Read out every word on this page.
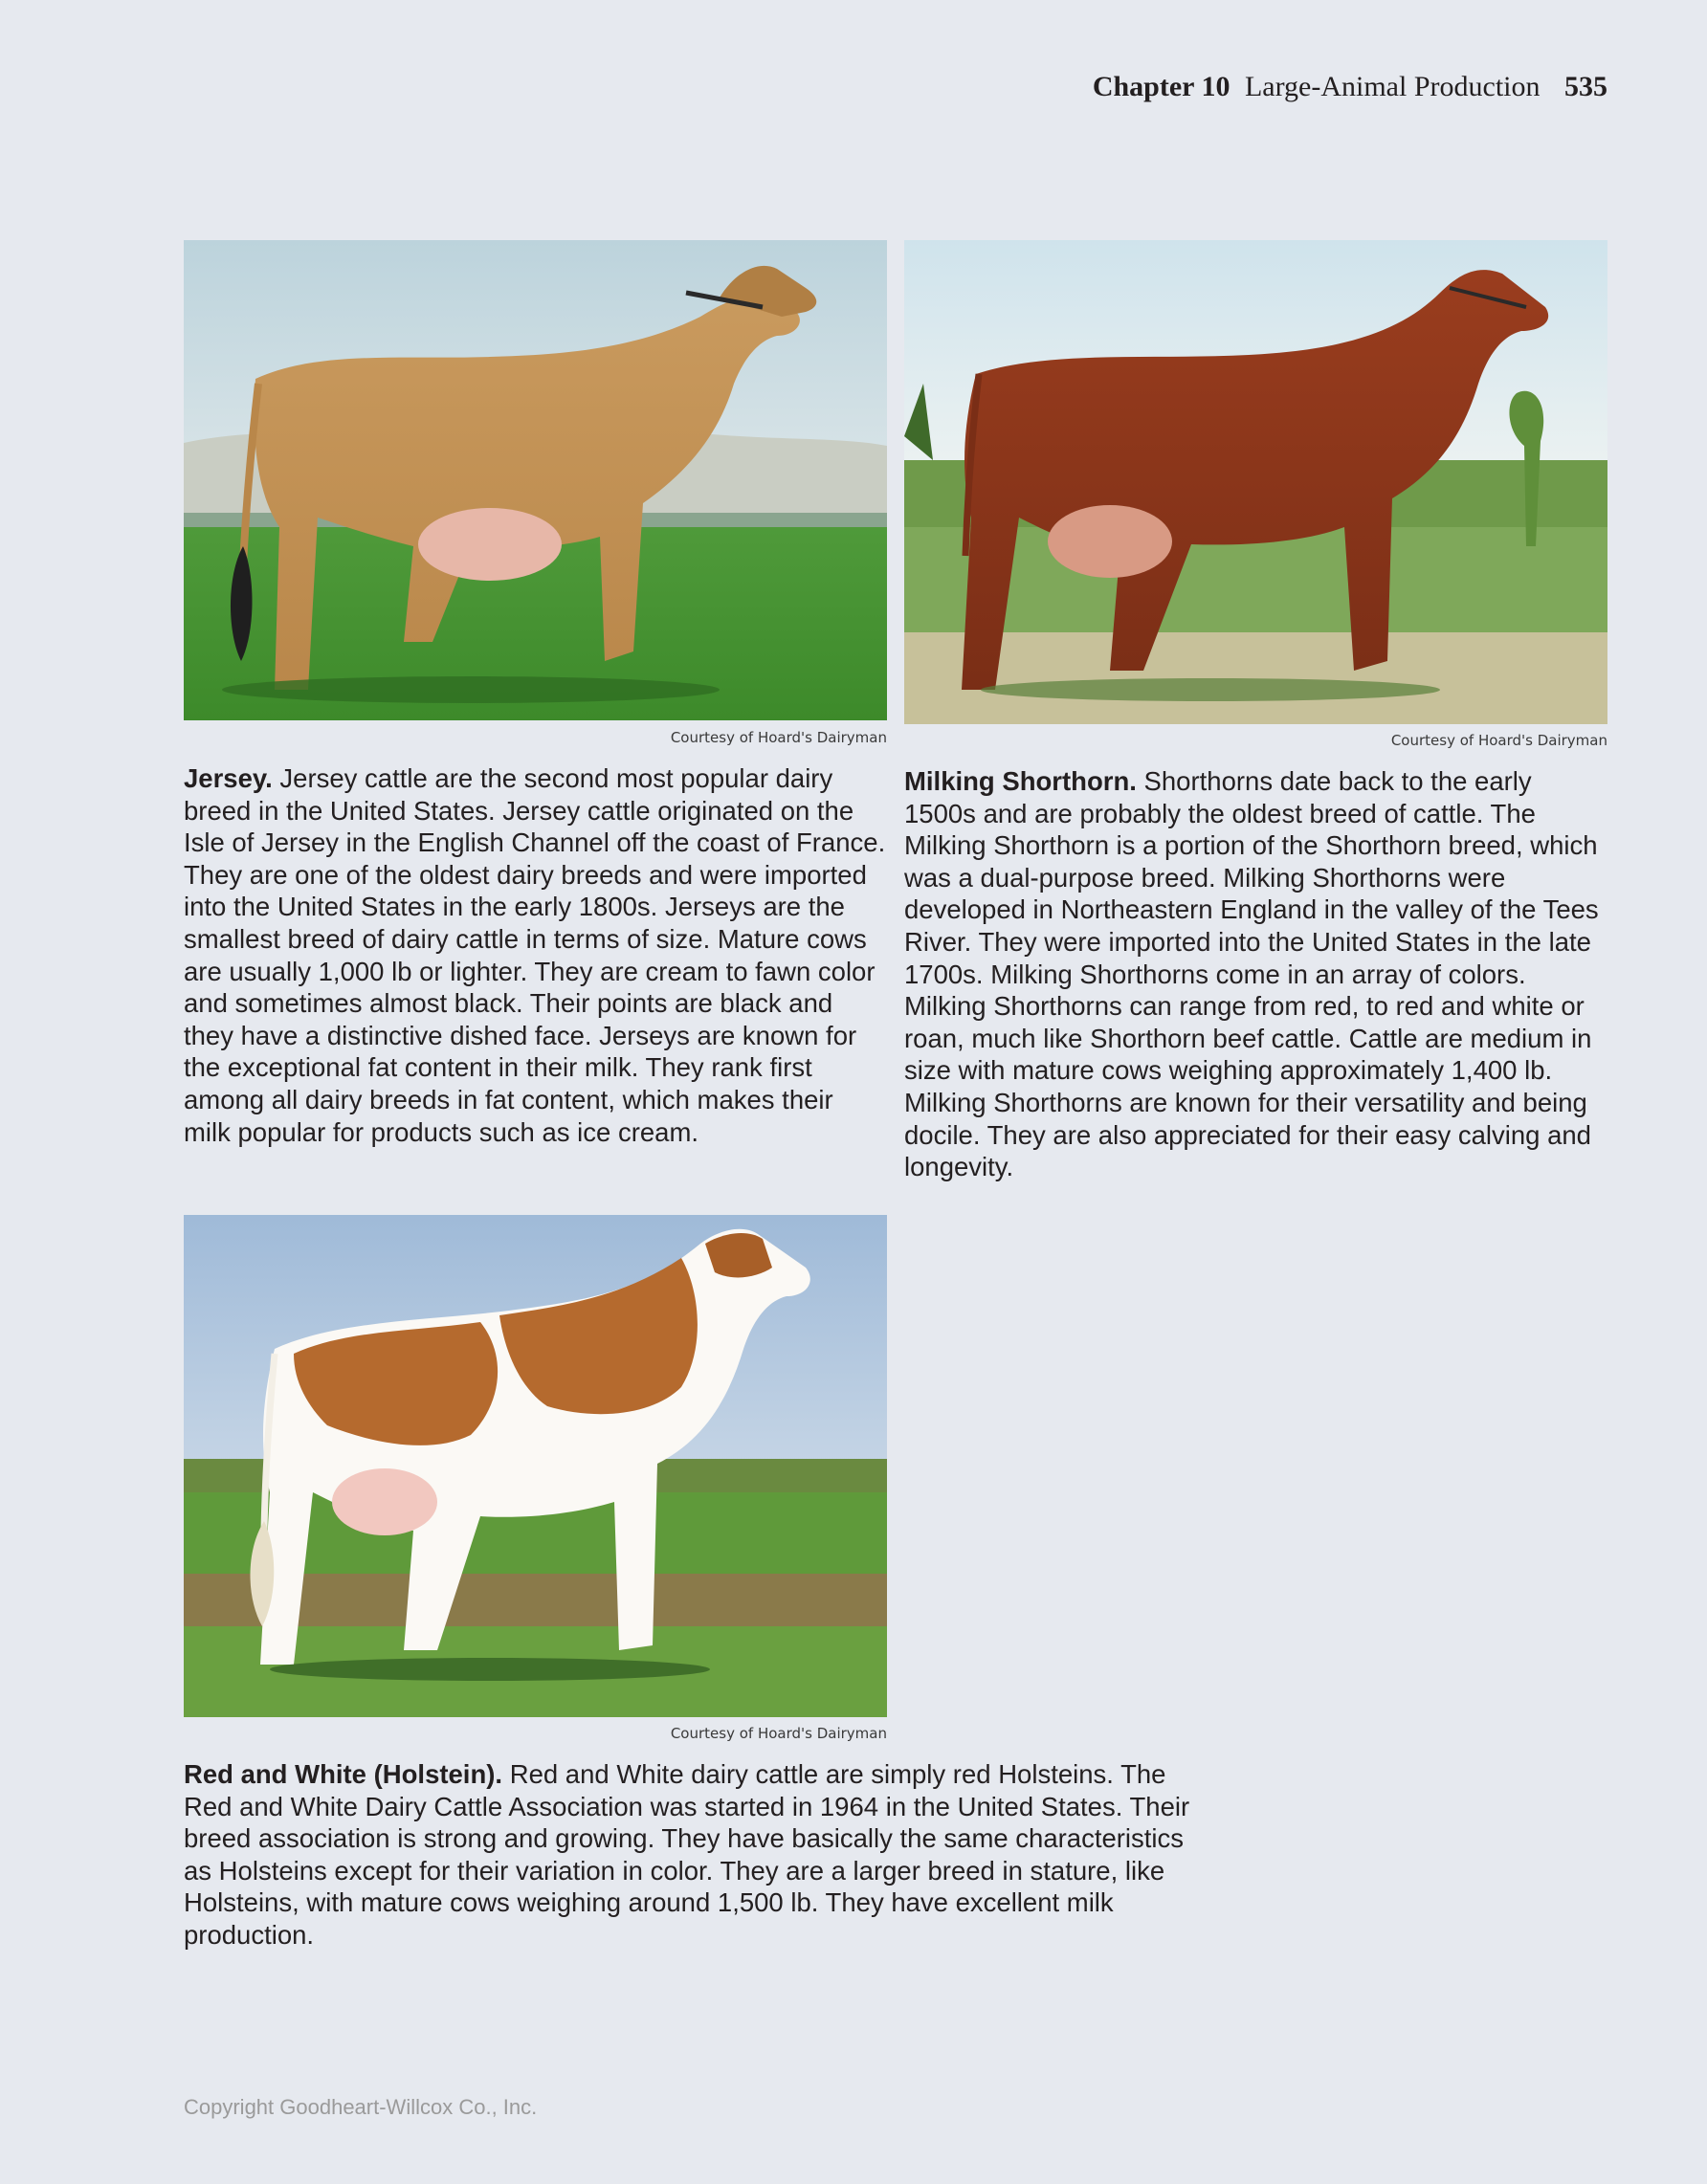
Chapter 10 Large-Animal Production 535
Courtesy of Hoard's Dairyman	Courtesy of Hoard's Dairyman

Jersey. Jersey cattle are the second most popular dairy breed in the United States. Jersey cattle originated on the Isle of Jersey in the English Channel off the coast of France. They are one of the oldest dairy breeds and were imported into the United States in the early 1800s. Jerseys are the smallest breed of dairy cattle in terms of size. Mature cows are usually 1,000 lb or lighter. They are cream to fawn color and sometimes almost black. Their points are black and they have a distinctive dished face. Jerseys are known for the exceptional fat content in their milk. They rank first among all dairy breeds in fat content, which makes their milk popular for products such as ice cream.

Milking Shorthorn. Shorthorns date back to the early 1500s and are probably the oldest breed of cattle. The Milking Shorthorn is a portion of the Shorthorn breed, which was a dual-purpose breed. Milking Shorthorns were developed in Northeastern England in the valley of the Tees River. They were imported into the United States in the late 1700s. Milking Shorthorns come in an array of colors. Milking Shorthorns can range from red, to red and white or roan, much like Shorthorn beef cattle. Cattle are medium in size with mature cows weighing approximately 1,400 lb. Milking Shorthorns are known for their versatility and being docile. They are also appreciated for their easy calving and longevity.

Courtesy of Hoard's Dairyman

Red and White (Holstein). Red and White dairy cattle are simply red Holsteins. The Red and White Dairy Cattle Association was started in 1964 in the United States. Their breed association is strong and growing. They have basically the same characteristics as Holsteins except for their variation in color. They are a larger breed in stature, like Holsteins, with mature cows weighing around 1,500 lb. They have excellent milk production.

Copyright Goodheart-Willcox Co., Inc.
